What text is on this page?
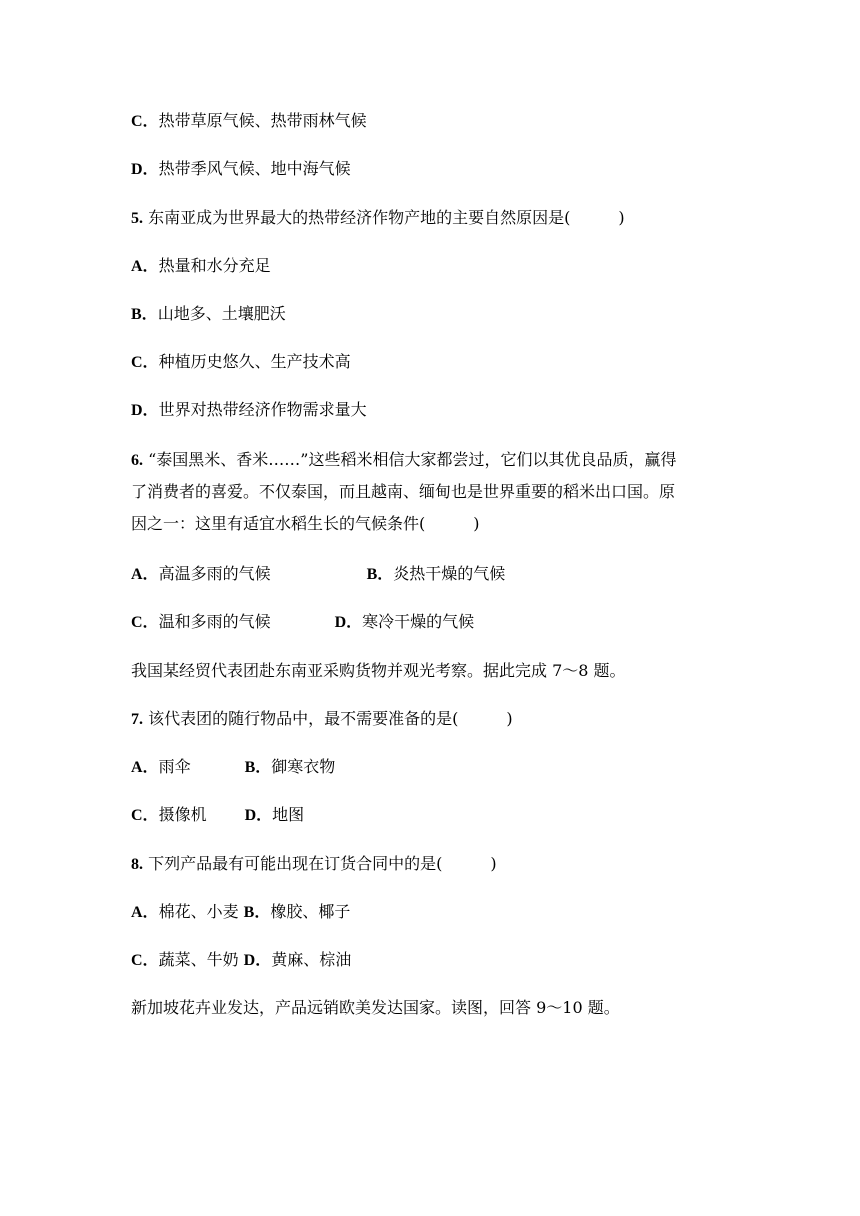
C．热带草原气候、热带雨林气候
D．热带季风气候、地中海气候
5. 东南亚成为世界最大的热带经济作物产地的主要自然原因是(　　　)
A．热量和水分充足
B．山地多、土壤肥沃
C．种植历史悠久、生产技术高
D．世界对热带经济作物需求量大
6. “泰国黑米、香米……”这些稻米相信大家都尝过，它们以其优良品质，赢得
了消费者的喜爱。不仅泰国，而且越南、缅甸也是世界重要的稻米出口国。原
因之一：这里有适宜水稻生长的气候条件(　　　)
A．高温多雨的气候	B．炎热干燥的气候
C．温和多雨的气候	D．寒冷干燥的气候
我国某经贸代表团赴东南亚采购货物并观光考察。据此完成 7～8 题。
7. 该代表团的随行物品中，最不需要准备的是(　　　)
A．雨伞	B．御寒衣物
C．摄像机 D．地图
8. 下列产品最有可能出现在订货合同中的是(　　　)
A．棉花、小麦 B．橡胶、椰子
C．蔬菜、牛奶 D．黄麻、棕油
新加坡花卉业发达，产品远销欧美发达国家。读图，回答 9～10 题。
